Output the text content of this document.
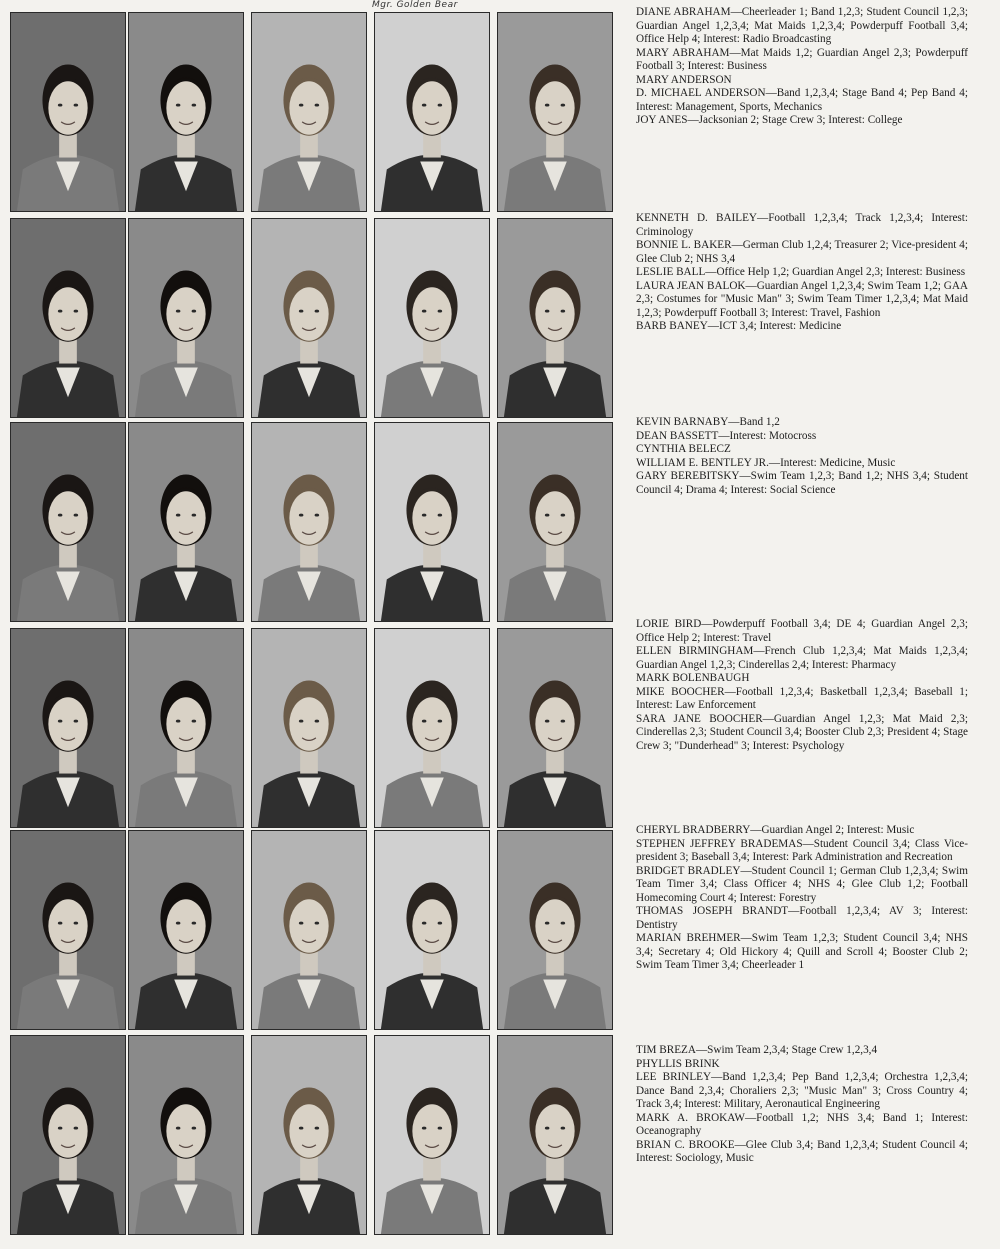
Mgr. Golden Bear

DIANE ABRAHAM—Cheerleader 1; Band 1,2,3; Student Council 1,2,3; Guardian Angel 1,2,3,4; Mat Maids 1,2,3,4; Powderpuff Football 3,4; Office Help 4; Interest: Radio Broadcasting

MARY ABRAHAM—Mat Maids 1,2; Guardian Angel 2,3; Powderpuff Football 3; Interest: Business

MARY ANDERSON

D. MICHAEL ANDERSON—Band 1,2,3,4; Stage Band 4; Pep Band 4; Interest: Management, Sports, Mechanics

JOY ANES—Jacksonian 2; Stage Crew 3; Interest: College

KENNETH D. BAILEY—Football 1,2,3,4; Track 1,2,3,4; Interest: Criminology

BONNIE L. BAKER—German Club 1,2,4; Treasurer 2; Vice-president 4; Glee Club 2; NHS 3,4

LESLIE BALL—Office Help 1,2; Guardian Angel 2,3; Interest: Business

LAURA JEAN BALOK—Guardian Angel 1,2,3,4; Swim Team 1,2; GAA 2,3; Costumes for "Music Man" 3; Swim Team Timer 1,2,3,4; Mat Maid 1,2,3; Powderpuff Football 3; Interest: Travel, Fashion

BARB BANEY—ICT 3,4; Interest: Medicine

KEVIN BARNABY—Band 1,2

DEAN BASSETT—Interest: Motocross

CYNTHIA BELECZ

WILLIAM E. BENTLEY JR.—Interest: Medicine, Music

GARY BEREBITSKY—Swim Team 1,2,3; Band 1,2; NHS 3,4; Student Council 4; Drama 4; Interest: Social Science

LORIE BIRD—Powderpuff Football 3,4; DE 4; Guardian Angel 2,3; Office Help 2; Interest: Travel

ELLEN BIRMINGHAM—French Club 1,2,3,4; Mat Maids 1,2,3,4; Guardian Angel 1,2,3; Cinderellas 2,4; Interest: Pharmacy

MARK BOLENBAUGH

MIKE BOOCHER—Football 1,2,3,4; Basketball 1,2,3,4; Baseball 1; Interest: Law Enforcement

SARA JANE BOOCHER—Guardian Angel 1,2,3; Mat Maid 2,3; Cinderellas 2,3; Student Council 3,4; Booster Club 2,3; President 4; Stage Crew 3; "Dunderhead" 3; Interest: Psychology

CHERYL BRADBERRY—Guardian Angel 2; Interest: Music

STEPHEN JEFFREY BRADEMAS—Student Council 3,4; Class Vice-president 3; Baseball 3,4; Interest: Park Administration and Recreation

BRIDGET BRADLEY—Student Council 1; German Club 1,2,3,4; Swim Team Timer 3,4; Class Officer 4; NHS 4; Glee Club 1,2; Football Homecoming Court 4; Interest: Forestry

THOMAS JOSEPH BRANDT—Football 1,2,3,4; AV 3; Interest: Dentistry

MARIAN BREHMER—Swim Team 1,2,3; Student Council 3,4; NHS 3,4; Secretary 4; Old Hickory 4; Quill and Scroll 4; Booster Club 2; Swim Team Timer 3,4; Cheerleader 1

TIM BREZA—Swim Team 2,3,4; Stage Crew 1,2,3,4

PHYLLIS BRINK

LEE BRINLEY—Band 1,2,3,4; Pep Band 1,2,3,4; Orchestra 1,2,3,4; Dance Band 2,3,4; Choraliers 2,3; "Music Man" 3; Cross Country 4; Track 3,4; Interest: Military, Aeronautical Engineering

MARK A. BROKAW—Football 1,2; NHS 3,4; Band 1; Interest: Oceanography

BRIAN C. BROOKE—Glee Club 3,4; Band 1,2,3,4; Student Council 4; Interest: Sociology, Music
